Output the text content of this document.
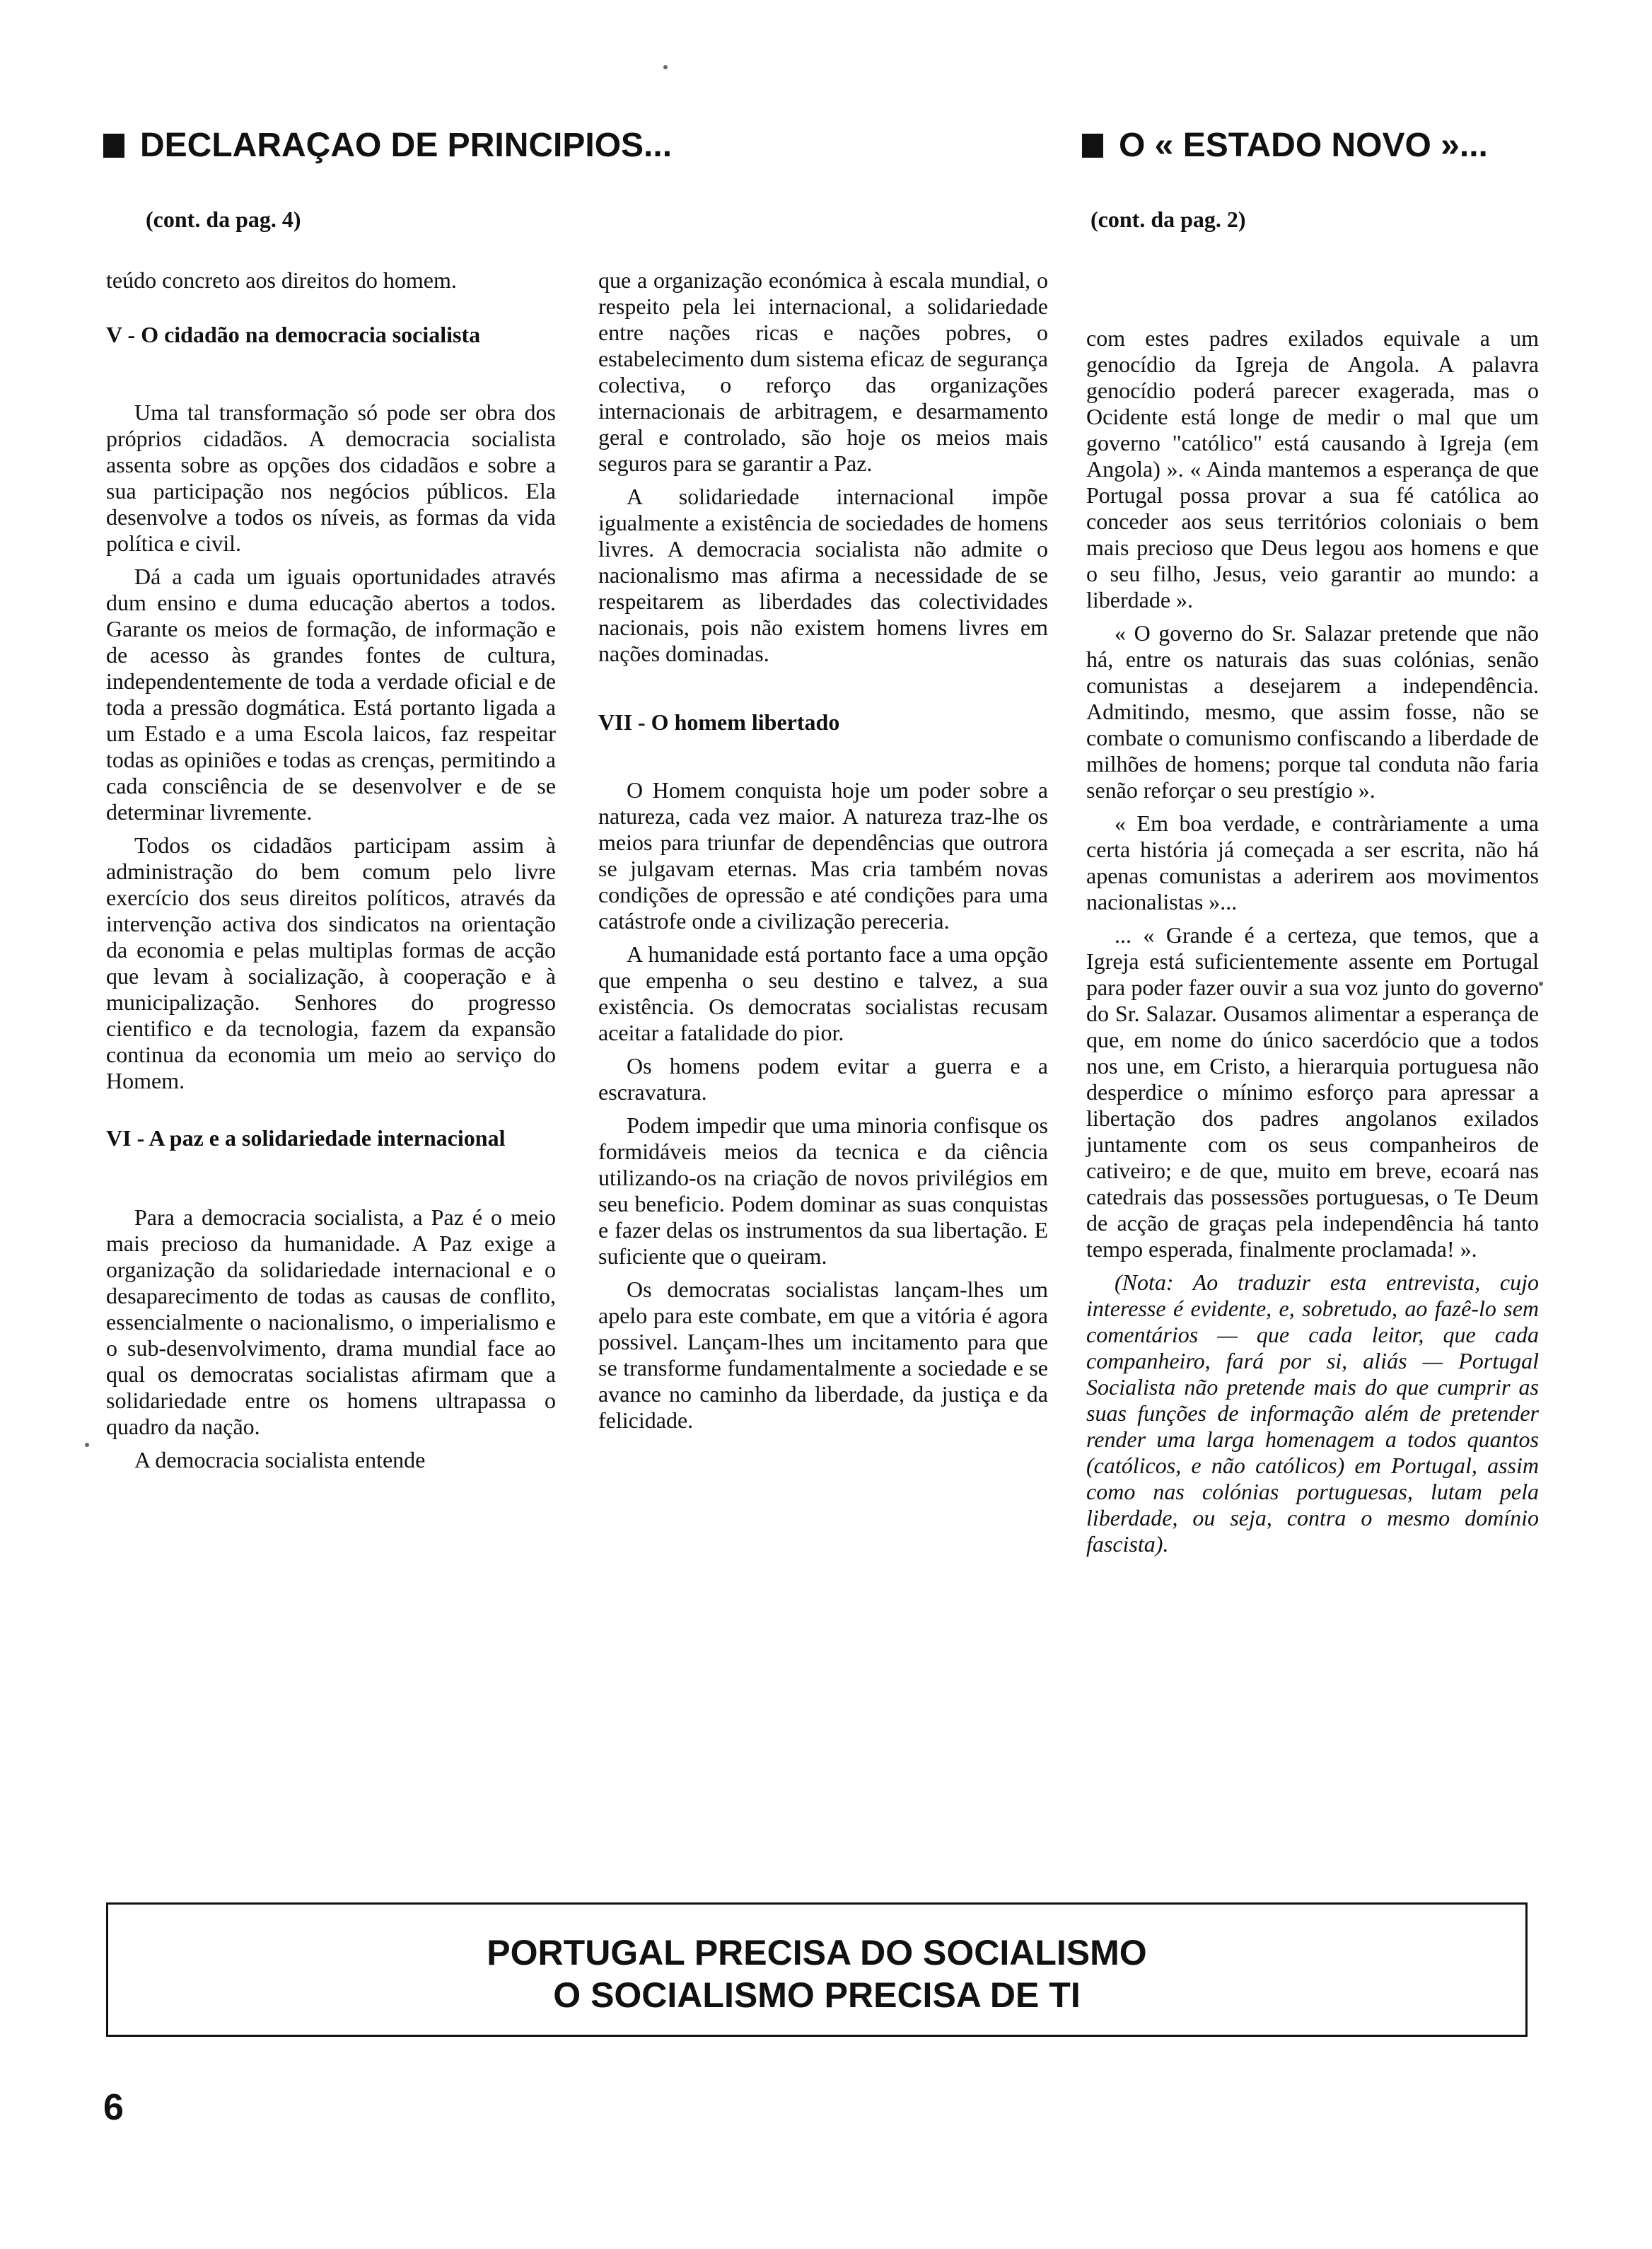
DECLARAÇAO DE PRINCIPIOS...
(cont. da pag. 4)
O « ESTADO NOVO »...
(cont. da pag. 2)

teúdo concreto aos direitos do homem.

V - O cidadão na democracia socialista

Uma tal transformação só pode ser obra dos próprios cidadãos. A democracia socialista assenta sobre as opções dos cidadãos e sobre a sua participação nos negócios públicos. Ela desenvolve a todos os níveis, as formas da vida política e civil.

Dá a cada um iguais oportunidades através dum ensino e duma educação abertos a todos. Garante os meios de formação, de informação e de acesso às grandes fontes de cultura, independentemente de toda a verdade oficial e de toda a pressão dogmática. Está portanto ligada a um Estado e a uma Escola laicos, faz respeitar todas as opiniões e todas as crenças, permitindo a cada consciência de se desenvolver e de se determinar livremente.

Todos os cidadãos participam assim à administração do bem comum pelo livre exercício dos seus direitos políticos, através da intervenção activa dos sindicatos na orientação da economia e pelas multiplas formas de acção que levam à socialização, à cooperação e à municipalização. Senhores do progresso cientifico e da tecnologia, fazem da expansão continua da economia um meio ao serviço do Homem.

VI - A paz e a solidariedade internacional

Para a democracia socialista, a Paz é o meio mais precioso da humanidade. A Paz exige a organização da solidariedade internacional e o desaparecimento de todas as causas de conflito, essencialmente o nacionalismo, o imperialismo e o sub-desenvolvimento, drama mundial face ao qual os democratas socialistas afirmam que a solidariedade entre os homens ultrapassa o quadro da nação.

A democracia socialista entende

que a organização económica à escala mundial, o respeito pela lei internacional, a solidariedade entre nações ricas e nações pobres, o estabelecimento dum sistema eficaz de segurança colectiva, o reforço das organizações internacionais de arbitragem, e desarmamento geral e controlado, são hoje os meios mais seguros para se garantir a Paz.

A solidariedade internacional impõe igualmente a existência de sociedades de homens livres. A democracia socialista não admite o nacionalismo mas afirma a necessidade de se respeitarem as liberdades das colectividades nacionais, pois não existem homens livres em nações dominadas.

VII - O homem libertado

O Homem conquista hoje um poder sobre a natureza, cada vez maior. A natureza traz-lhe os meios para triunfar de dependências que outrora se julgavam eternas. Mas cria também novas condições de opressão e até condições para uma catástrofe onde a civilização pereceria.

A humanidade está portanto face a uma opção que empenha o seu destino e talvez, a sua existência. Os democratas socialistas recusam aceitar a fatalidade do pior.

Os homens podem evitar a guerra e a escravatura.

Podem impedir que uma minoria confisque os formidáveis meios da tecnica e da ciência utilizando-os na criação de novos privilégios em seu beneficio. Podem dominar as suas conquistas e fazer delas os instrumentos da sua libertação. E suficiente que o queiram.

Os democratas socialistas lançam-lhes um apelo para este combate, em que a vitória é agora possivel. Lançam-lhes um incitamento para que se transforme fundamentalmente a sociedade e se avance no caminho da liberdade, da justiça e da felicidade.

com estes padres exilados equivale a um genocídio da Igreja de Angola. A palavra genocídio poderá parecer exagerada, mas o Ocidente está longe de medir o mal que um governo "católico" está causando à Igreja (em Angola) ». « Ainda mantemos a esperança de que Portugal possa provar a sua fé católica ao conceder aos seus territórios coloniais o bem mais precioso que Deus legou aos homens e que o seu filho, Jesus, veio garantir ao mundo: a liberdade ».

« O governo do Sr. Salazar pretende que não há, entre os naturais das suas colónias, senão comunistas a desejarem a independência. Admitindo, mesmo, que assim fosse, não se combate o comunismo confiscando a liberdade de milhões de homens; porque tal conduta não faria senão reforçar o seu prestígio ».

« Em boa verdade, e contràriamente a uma certa história já começada a ser escrita, não há apenas comunistas a aderirem aos movimentos nacionalistas »...

... « Grande é a certeza, que temos, que a Igreja está suficientemente assente em Portugal para poder fazer ouvir a sua voz junto do governo do Sr. Salazar. Ousamos alimentar a esperança de que, em nome do único sacerdócio que a todos nos une, em Cristo, a hierarquia portuguesa não desperdice o mínimo esforço para apressar a libertação dos padres angolanos exilados juntamente com os seus companheiros de cativeiro; e de que, muito em breve, ecoará nas catedrais das possessões portuguesas, o Te Deum de acção de graças pela independência há tanto tempo esperada, finalmente proclamada! ».

(Nota: Ao traduzir esta entrevista, cujo interesse é evidente, e, sobretudo, ao fazê-lo sem comentários — que cada leitor, que cada companheiro, fará por si, aliás — Portugal Socialista não pretende mais do que cumprir as suas funções de informação além de pretender render uma larga homenagem a todos quantos (católicos, e não católicos) em Portugal, assim como nas colónias portuguesas, lutam pela liberdade, ou seja, contra o mesmo domínio fascista).

PORTUGAL PRECISA DO SOCIALISMO
O SOCIALISMO PRECISA DE TI
6
